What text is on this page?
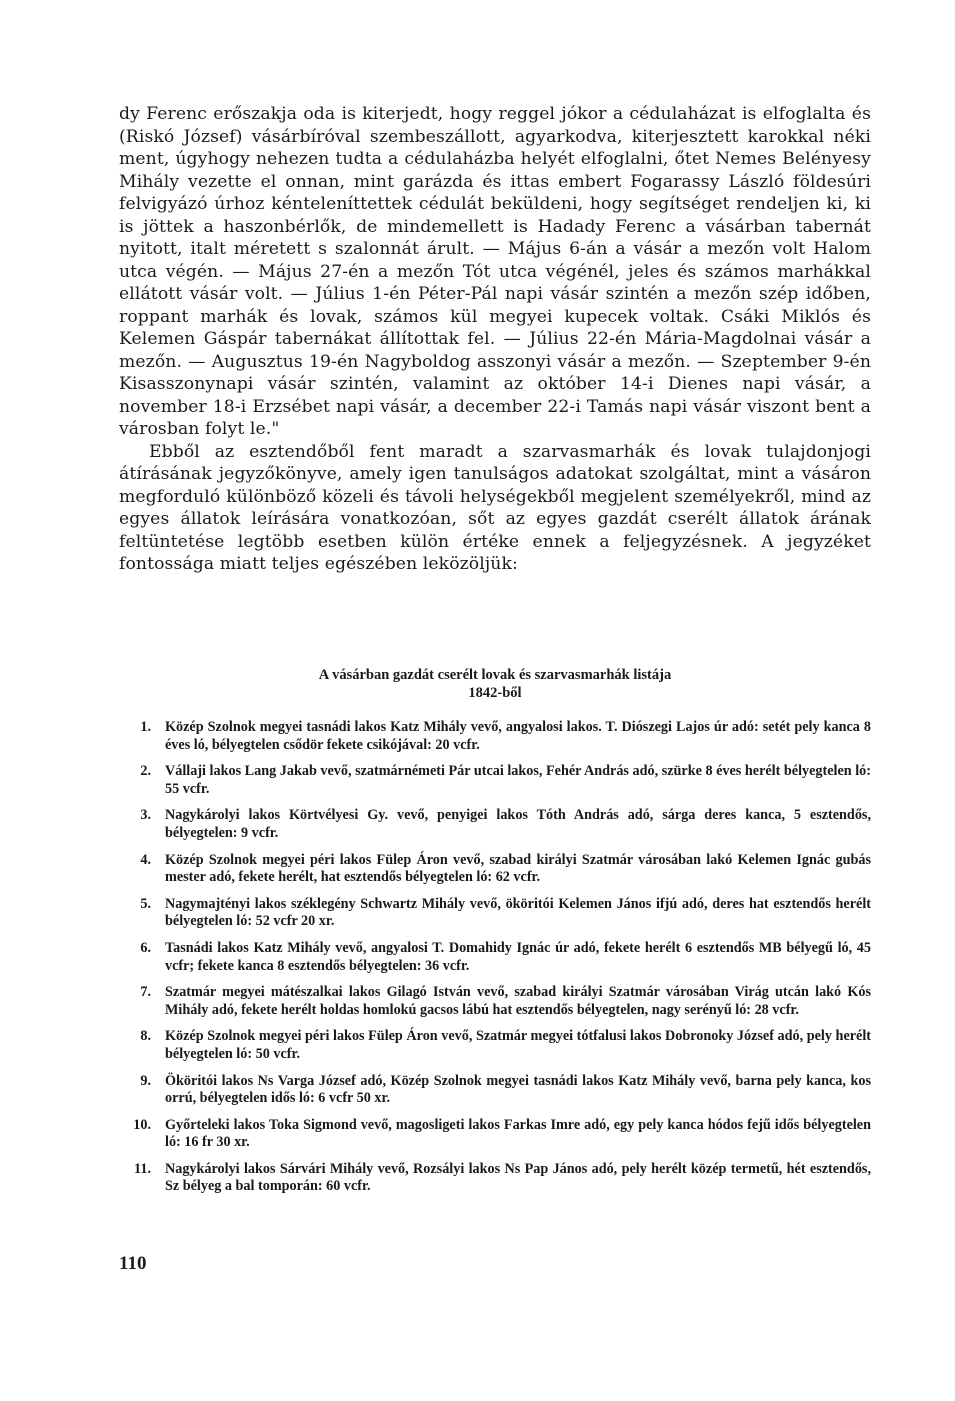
dy Ferenc erőszakja oda is kiterjedt, hogy reggel jókor a cédulaházat is elfoglalta és (Riskó József) vásárbíróval szembeszállott, agyarkodva, kiterjesztett karokkal néki ment, úgyhogy nehezen tudta a cédulaházba helyét elfoglalni, őtet Nemes Belényesy Mihály vezette el onnan, mint garázda és ittas embert Fogarassy László földesúri felvigyázó úrhoz kénteleníttettek cédulát beküldeni, hogy segítséget rendeljen ki, ki is jöttek a haszonbérlők, de mindemellett is Hadady Ferenc a vásárban tabernát nyitott, italt méretett s szalonnát árult. — Május 6-án a vásár a mezőn volt Halom utca végén. — Május 27-én a mezőn Tót utca végénél, jeles és számos marhákkal ellátott vásár volt. — Július 1-én Péter-Pál napi vásár szintén a mezőn szép időben, roppant marhák és lovak, számos kül megyei kupecek voltak. Csáki Miklós és Kelemen Gáspár tabernákat állítottak fel. — Július 22-én Mária-Magdolnai vásár a mezőn. — Augusztus 19-én Nagyboldog asszonyi vásár a mezőn. — Szeptember 9-én Kisasszonynapi vásár szintén, valamint az október 14-i Dienes napi vásár, a november 18-i Erzsébet napi vásár, a december 22-i Tamás napi vásár viszont bent a városban folyt le."

Ebből az esztendőből fent maradt a szarvasmarhák és lovak tulajdonjogi átírásának jegyzőkönyve, amely igen tanulságos adatokat szolgáltat, mint a vásáron megforduló különböző közeli és távoli helységekből megjelent személyekről, mind az egyes állatok leírására vonatkozóan, sőt az egyes gazdát cserélt állatok árának feltüntetése legtöbb esetben külön értéke ennek a feljegyzésnek. A jegyzéket fontossága miatt teljes egészében leközöljük:

A vásárban gazdát cserélt lovak és szarvasmarhák listája
1842-ből
1. Közép Szolnok megyei tasnádi lakos Katz Mihály vevő, angyalosi lakos. T. Diószegi Lajos úr adó: setét pely kanca 8 éves ló, bélyegtelen csődör fekete csikójával: 20 vcfr.
2. Vállaji lakos Lang Jakab vevő, szatmárnémeti Pár utcai lakos, Fehér András adó, szürke 8 éves herélt bélyegtelen ló: 55 vcfr.
3. Nagykárolyi lakos Körtvélyesi Gy. vevő, penyigei lakos Tóth András adó, sárga deres kanca, 5 esztendős, bélyegtelen: 9 vcfr.
4. Közép Szolnok megyei péri lakos Fülep Áron vevő, szabad királyi Szatmár városában lakó Kelemen Ignác gubás mester adó, fekete herélt, hat esztendős bélyegtelen ló: 62 vcfr.
5. Nagymajtényi lakos széklegény Schwartz Mihály vevő, ököritói Kelemen János ifjú adó, deres hat esztendős herélt bélyegtelen ló: 52 vcfr 20 xr.
6. Tasnádi lakos Katz Mihály vevő, angyalosi T. Domahidy Ignác úr adó, fekete herélt 6 esztendős MB bélyegű ló, 45 vcfr; fekete kanca 8 esztendős bélyegtelen: 36 vcfr.
7. Szatmár megyei mátészalkai lakos Gilagó István vevő, szabad királyi Szatmár városában Virág utcán lakó Kós Mihály adó, fekete herélt holdas homlokú gacsos lábú hat esztendős bélyegtelen, nagy serényű ló: 28 vcfr.
8. Közép Szolnok megyei péri lakos Fülep Áron vevő, Szatmár megyei tótfalusi lakos Dobronoky József adó, pely herélt bélyegtelen ló: 50 vcfr.
9. Ököritói lakos Ns Varga József adó, Közép Szolnok megyei tasnádi lakos Katz Mihály vevő, barna pely kanca, kos orrú, bélyegtelen idős ló: 6 vcfr 50 xr.
10. Győrteleki lakos Toka Sigmond vevő, magosligeti lakos Farkas Imre adó, egy pely kanca hódos fejű idős bélyegtelen ló: 16 fr 30 xr.
11. Nagykárolyi lakos Sárvári Mihály vevő, Rozsályi lakos Ns Pap János adó, pely herélt közép termetű, hét esztendős, Sz bélyeg a bal tomporán: 60 vcfr.
110
